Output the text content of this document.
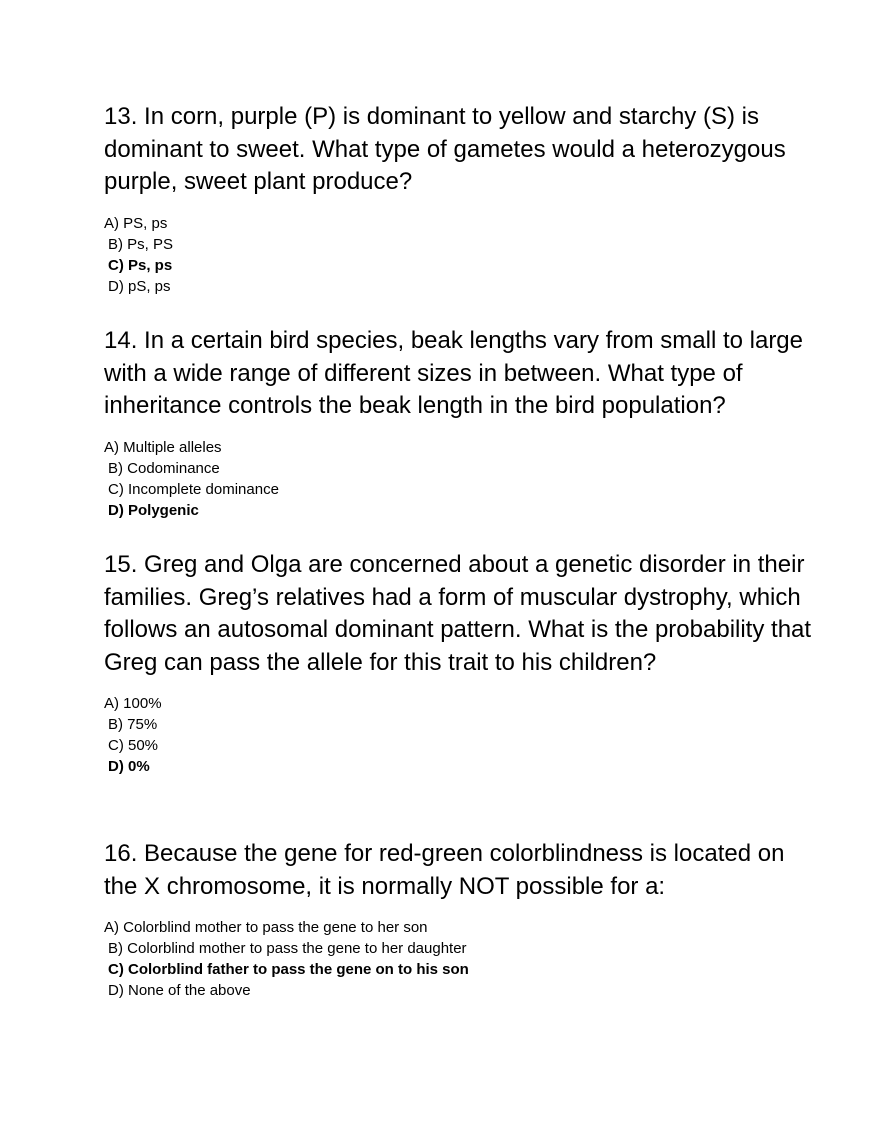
13. In corn, purple (P) is dominant to yellow and starchy (S) is dominant to sweet. What type of gametes would a heterozygous purple, sweet plant produce?

A) PS, ps
B) Ps, PS
C) Ps, ps
D) pS, ps

14. In a certain bird species, beak lengths vary from small to large with a wide range of different sizes in between. What type of inheritance controls the beak length in the bird population?

A) Multiple alleles
B) Codominance
C) Incomplete dominance
D) Polygenic

15. Greg and Olga are concerned about a genetic disorder in their families. Greg’s relatives had a form of muscular dystrophy, which follows an autosomal dominant pattern. What is the probability that Greg can pass the allele for this trait to his children?

A) 100%
B) 75%
C) 50%
D) 0%

16. Because the gene for red-green colorblindness is located on the X chromosome, it is normally NOT possible for a:

A) Colorblind mother to pass the gene to her son
B) Colorblind mother to pass the gene to her daughter
C) Colorblind father to pass the gene on to his son
D) None of the above
